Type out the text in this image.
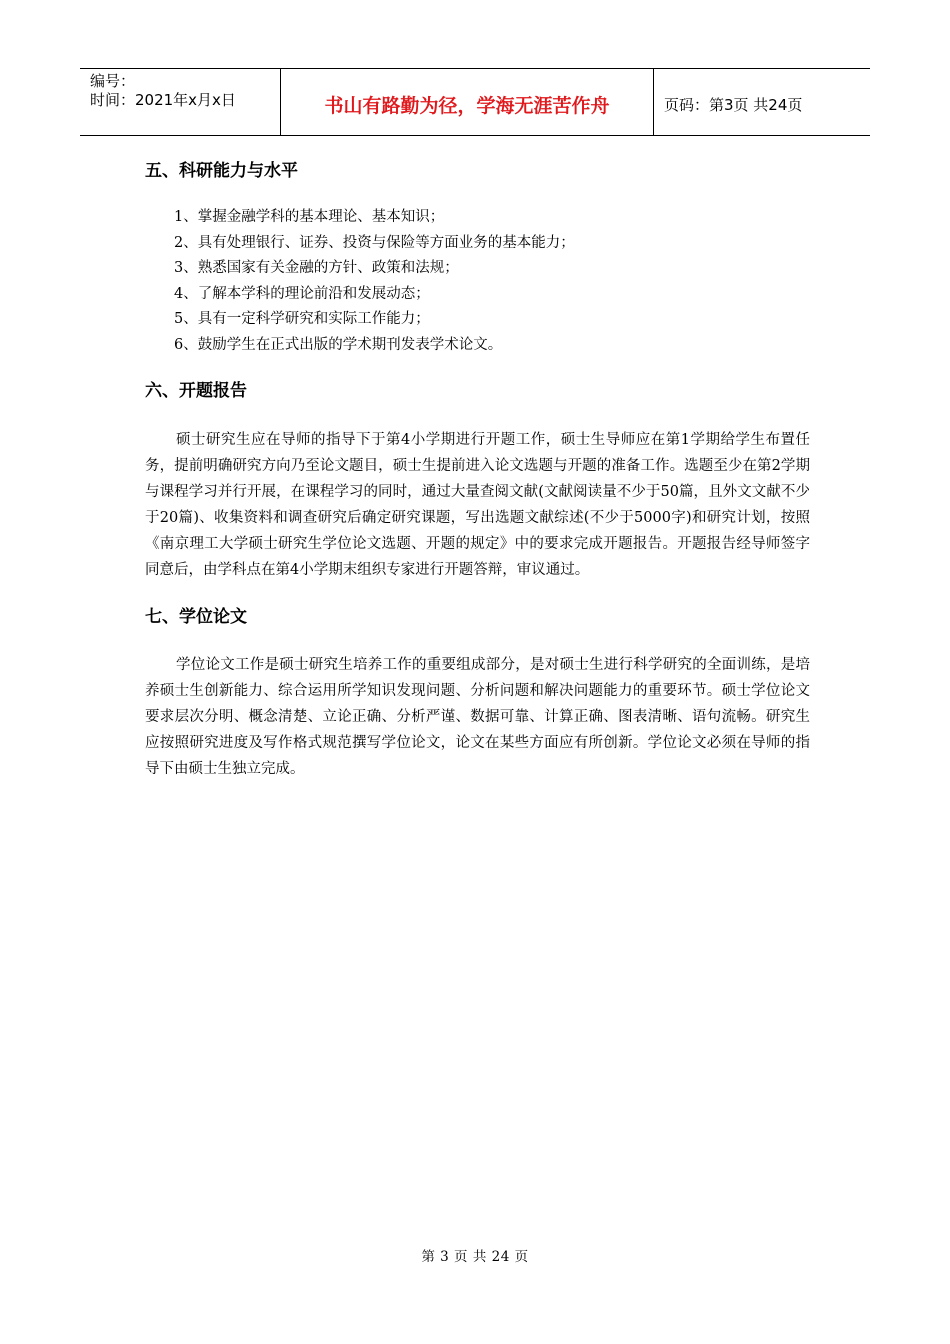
编号：
时间：2021年x月x日	书山有路勤为径，学海无涯苦作舟	页码：第3页 共24页
五、科研能力与水平
1、掌握金融学科的基本理论、基本知识；
2、具有处理银行、证券、投资与保险等方面业务的基本能力；
3、熟悉国家有关金融的方针、政策和法规；
4、了解本学科的理论前沿和发展动态；
5、具有一定科学研究和实际工作能力；
6、鼓励学生在正式出版的学术期刊发表学术论文。
六、开题报告

硕士研究生应在导师的指导下于第4小学期进行开题工作，硕士生导师应在第1学期给学生布置任务，提前明确研究方向乃至论文题目，硕士生提前进入论文选题与开题的准备工作。选题至少在第2学期与课程学习并行开展，在课程学习的同时，通过大量查阅文献(文献阅读量不少于50篇，且外文文献不少于20篇)、收集资料和调查研究后确定研究课题，写出选题文献综述(不少于5000字)和研究计划，按照《南京理工大学硕士研究生学位论文选题、开题的规定》中的要求完成开题报告。开题报告经导师签字同意后，由学科点在第4小学期末组织专家进行开题答辩，审议通过。

七、学位论文

学位论文工作是硕士研究生培养工作的重要组成部分，是对硕士生进行科学研究的全面训练，是培养硕士生创新能力、综合运用所学知识发现问题、分析问题和解决问题能力的重要环节。硕士学位论文要求层次分明、概念清楚、立论正确、分析严谨、数据可靠、计算正确、图表清晰、语句流畅。研究生应按照研究进度及写作格式规范撰写学位论文，论文在某些方面应有所创新。学位论文必须在导师的指导下由硕士生独立完成。

第 3 页 共 24 页
